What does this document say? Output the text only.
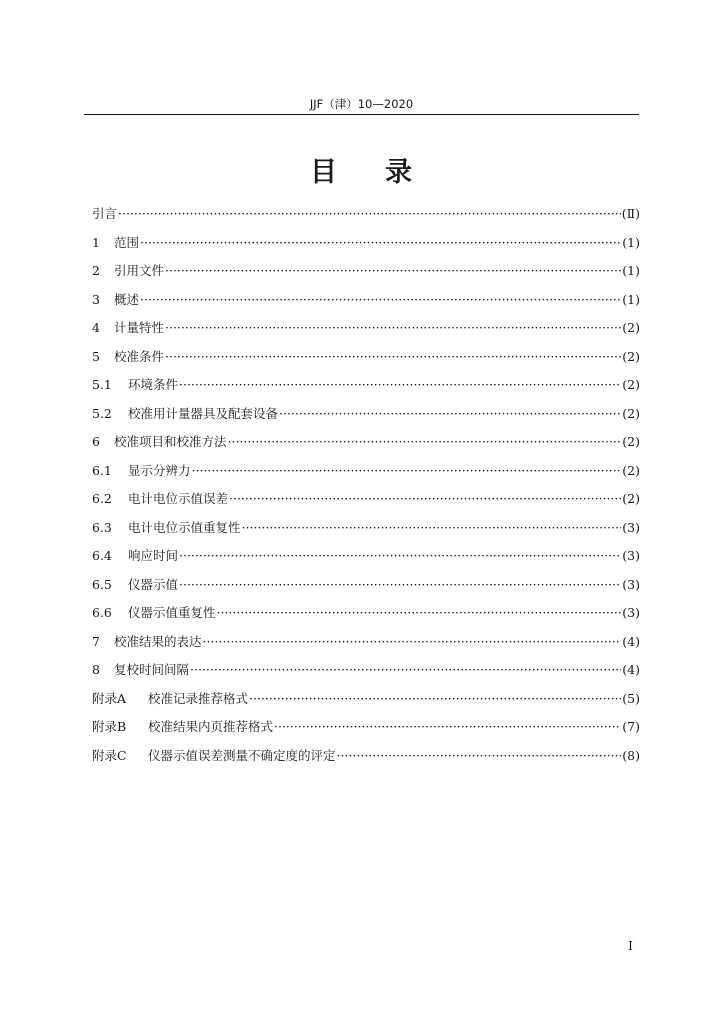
JJF（津）10—2020
目 录
引言 ·····	(Ⅱ)
1	范围 ·····	(1)
2	引用文件 ·····	(1)
3	概述 ·····	(1)
4	计量特性 ·····	(2)
5	校准条件 ·····	(2)
5.1	环境条件 ·····	(2)
5.2	校准用计量器具及配套设备 ·····	(2)
6	校准项目和校准方法 ·····	(2)
6.1	显示分辨力 ·····	(2)
6.2	电计电位示值误差 ·····	(2)
6.3	电计电位示值重复性 ·····	(3)
6.4	响应时间 ·····	(3)
6.5	仪器示值 ·····	(3)
6.6	仪器示值重复性 ·····	(3)
7	校准结果的表达 ·····	(4)
8	复校时间间隔 ·····	(4)
附录A	校准记录推荐格式 ·····	(5)
附录B	校准结果内页推荐格式 ·····	(7)
附录C	仪器示值误差测量不确定度的评定 ·····	(8)
I
